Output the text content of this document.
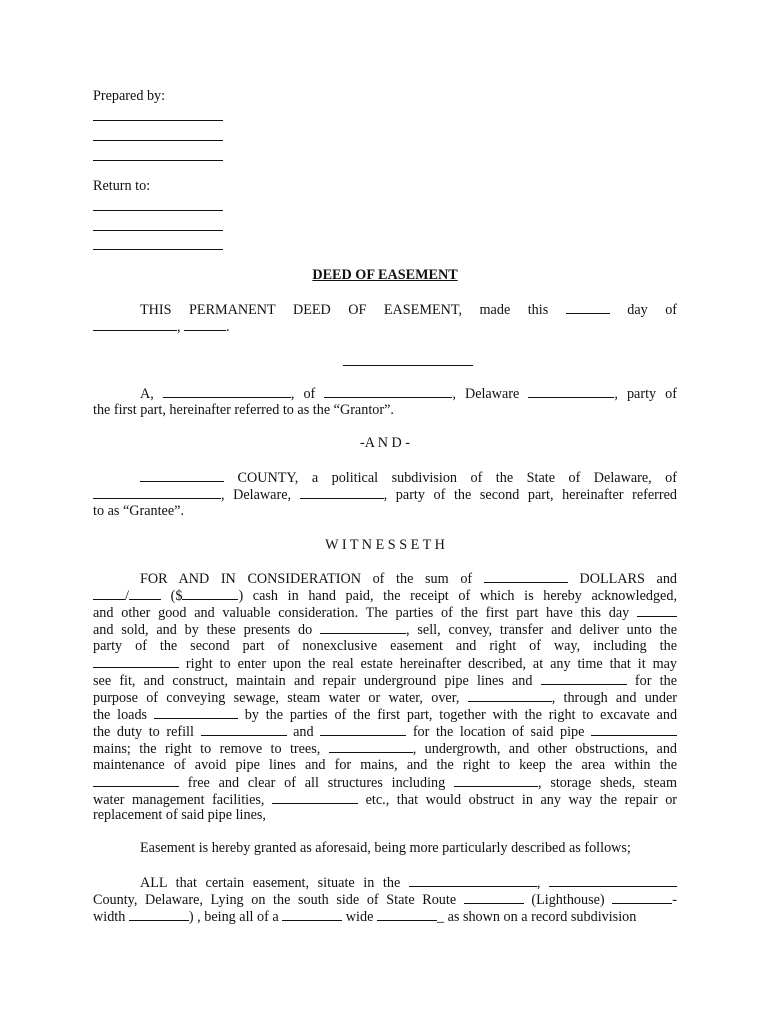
Prepared by:
Return to:
DEED OF EASEMENT
THIS PERMANENT DEED OF EASEMENT, made this	day of
,	.
A,	, of	, Delaware	, party of
the first part, hereinafter referred to as the “Grantor”.
-A N D -
COUNTY, a political subdivision of the State of Delaware, of
, Delaware,	, party of the second part, hereinafter referred
to as “Grantee”.
W I T N E S S E T H
FOR AND IN CONSIDERATION of the sum of	DOLLARS and
/	($	) cash in hand paid, the receipt of which is hereby acknowledged,
and other good and valuable consideration. The parties of the first part have this day
and sold, and by these presents do	, sell, convey, transfer and deliver unto the
party of the second part of nonexclusive easement and right of way, including the
right to enter upon the real estate hereinafter described, at any time that it may
see fit, and construct, maintain and repair underground pipe lines and	for the
purpose of conveying sewage, steam water or water, over,	, through and under
the loads	by the parties of the first part, together with the right to excavate and
the duty to refill	and	for the location of said pipe
mains; the right to remove to trees,	, undergrowth, and other obstructions, and
maintenance of avoid pipe lines and for mains, and the right to keep the area within the
free and clear of all structures including	, storage sheds, steam
water management facilities,	etc., that would obstruct in any way the repair or
replacement of said pipe lines,
Easement is hereby granted as aforesaid, being more particularly described as follows;
ALL that certain easement, situate in the	,
County, Delaware, Lying on the south side of State Route	(Lighthouse)	-
width	) , being all of a	wide	_ as shown on a record subdivision
